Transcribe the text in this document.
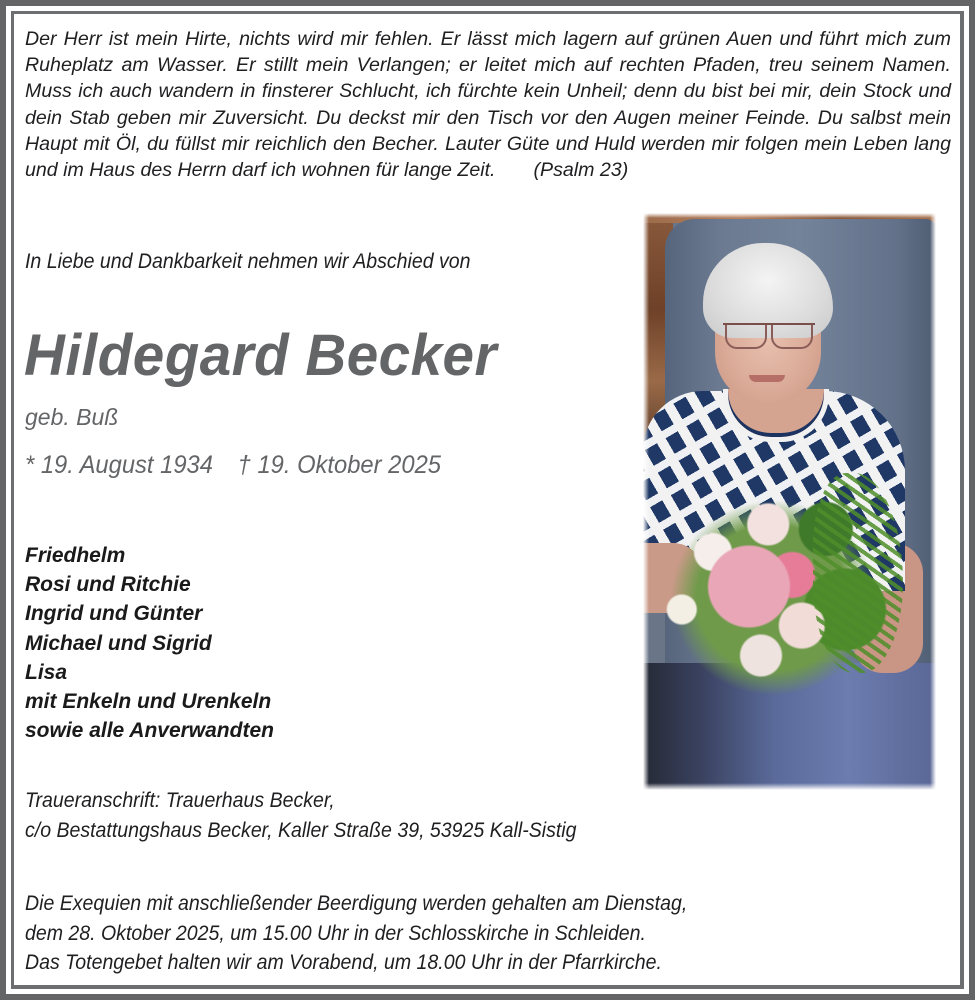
Der Herr ist mein Hirte, nichts wird mir fehlen. Er lässt mich lagern auf grünen Auen und führt mich zum Ruheplatz am Wasser. Er stillt mein Verlangen; er leitet mich auf rechten Pfaden, treu seinem Namen. Muss ich auch wandern in finsterer Schlucht, ich fürchte kein Unheil; denn du bist bei mir, dein Stock und dein Stab geben mir Zuversicht. Du deckst mir den Tisch vor den Augen meiner Feinde. Du salbst mein Haupt mit Öl, du füllst mir reichlich den Becher. Lauter Güte und Huld werden mir folgen mein Leben lang und im Haus des Herrn darf ich wohnen für lange Zeit. (Psalm 23)
In Liebe und Dankbarkeit nehmen wir Abschied von
Hildegard Becker
geb. Buß
* 19. August 1934 † 19. Oktober 2025
Friedhelm
Rosi und Ritchie
Ingrid und Günter
Michael und Sigrid
Lisa
mit Enkeln und Urenkeln
sowie alle Anverwandten
Traueranschrift: Trauerhaus Becker,
c/o Bestattungshaus Becker, Kaller Straße 39, 53925 Kall-Sistig
Die Exequien mit anschließender Beerdigung werden gehalten am Dienstag,
dem 28. Oktober 2025, um 15.00 Uhr in der Schlosskirche in Schleiden.
Das Totengebet halten wir am Vorabend, um 18.00 Uhr in der Pfarrkirche.
